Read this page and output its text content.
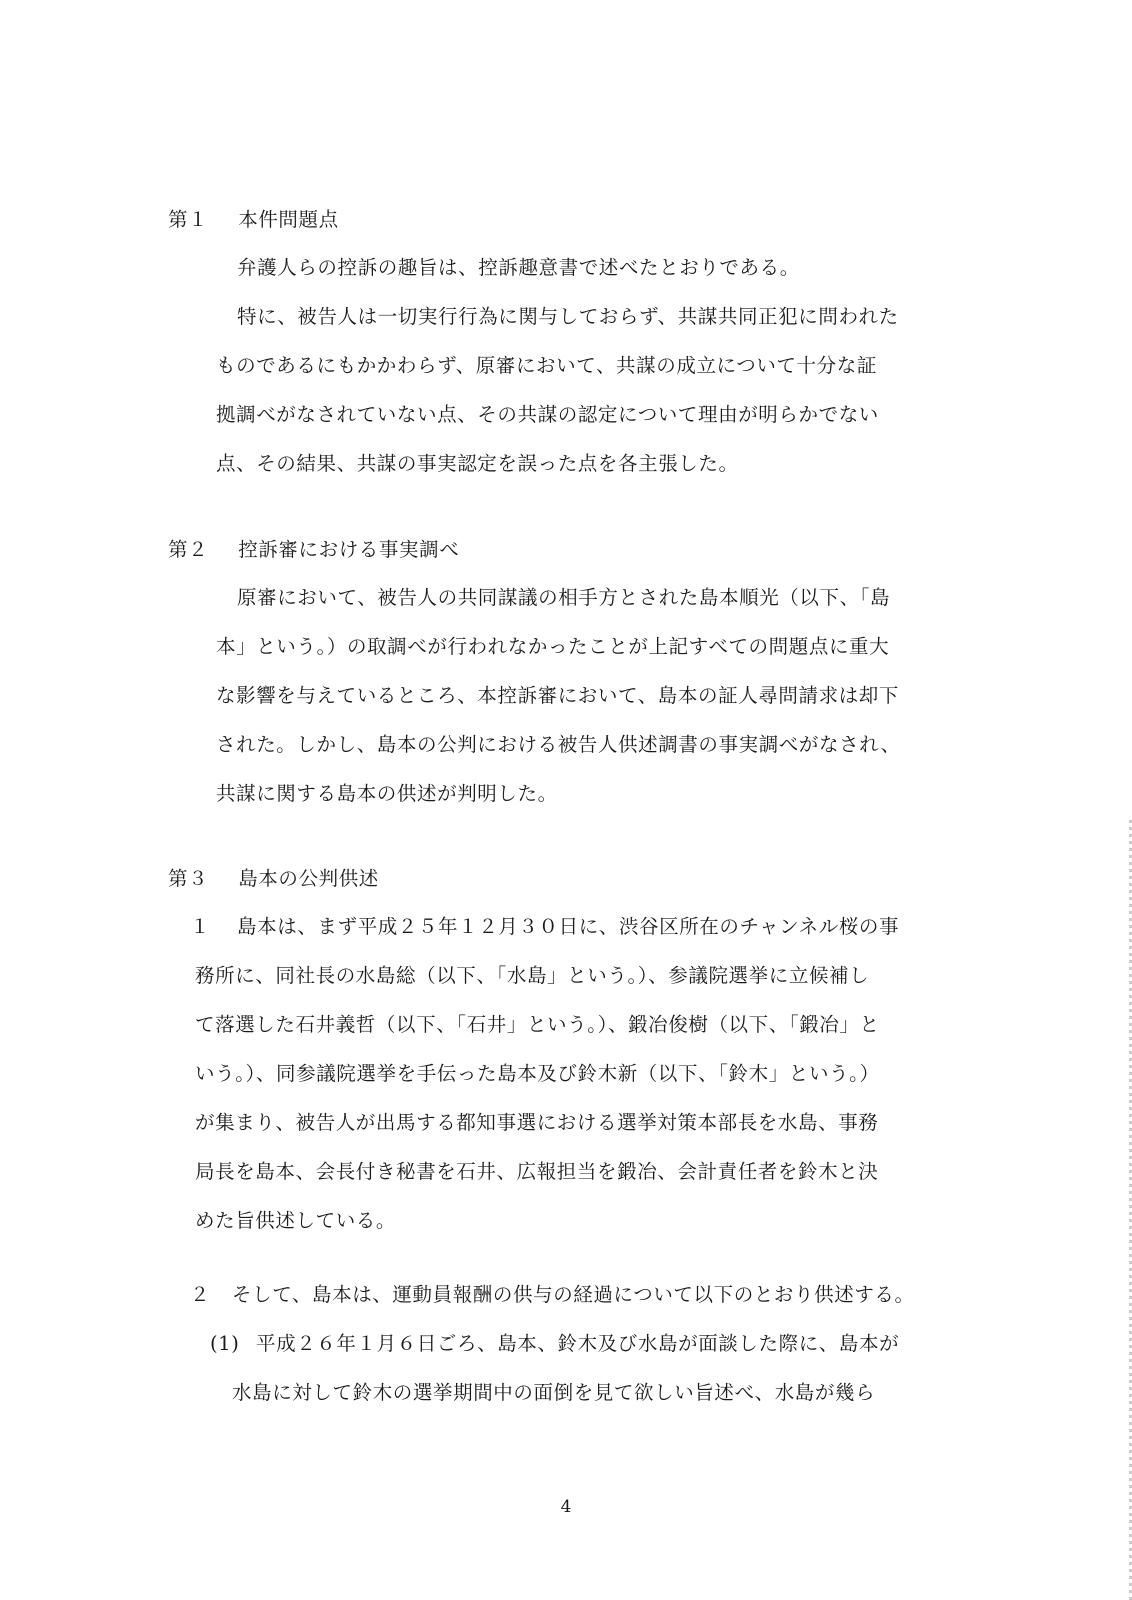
第１ 本件問題点
弁護人らの控訴の趣旨は、控訴趣意書で述べたとおりである。
特に、被告人は一切実行行為に関与しておらず、共謀共同正犯に問われた
ものであるにもかかわらず、原審において、共謀の成立について十分な証
拠調べがなされていない点、その共謀の認定について理由が明らかでない
点、その結果、共謀の事実認定を誤った点を各主張した。
第２ 控訴審における事実調べ
原審において、被告人の共同謀議の相手方とされた島本順光（以下、「島
本」という。）の取調べが行われなかったことが上記すべての問題点に重大
な影響を与えているところ、本控訴審において、島本の証人尋問請求は却下
された。しかし、島本の公判における被告人供述調書の事実調べがなされ、
共謀に関する島本の供述が判明した。
第３ 島本の公判供述
１ 島本は、まず平成２５年１２月３０日に、渋谷区所在のチャンネル桜の事
務所に、同社長の水島総（以下、「水島」という。）、参議院選挙に立候補し
て落選した石井義哲（以下、「石井」という。）、鍛冶俊樹（以下、「鍛冶」と
いう。）、同参議院選挙を手伝った島本及び鈴木新（以下、「鈴木」という。）
が集まり、被告人が出馬する都知事選における選挙対策本部長を水島、事務
局長を島本、会長付き秘書を石井、広報担当を鍛冶、会計責任者を鈴木と決
めた旨供述している。
２ そして、島本は、運動員報酬の供与の経過について以下のとおり供述する。
(1) 平成２６年１月６日ごろ、島本、鈴木及び水島が面談した際に、島本が
水島に対して鈴木の選挙期間中の面倒を見て欲しい旨述べ、水島が幾ら
4
